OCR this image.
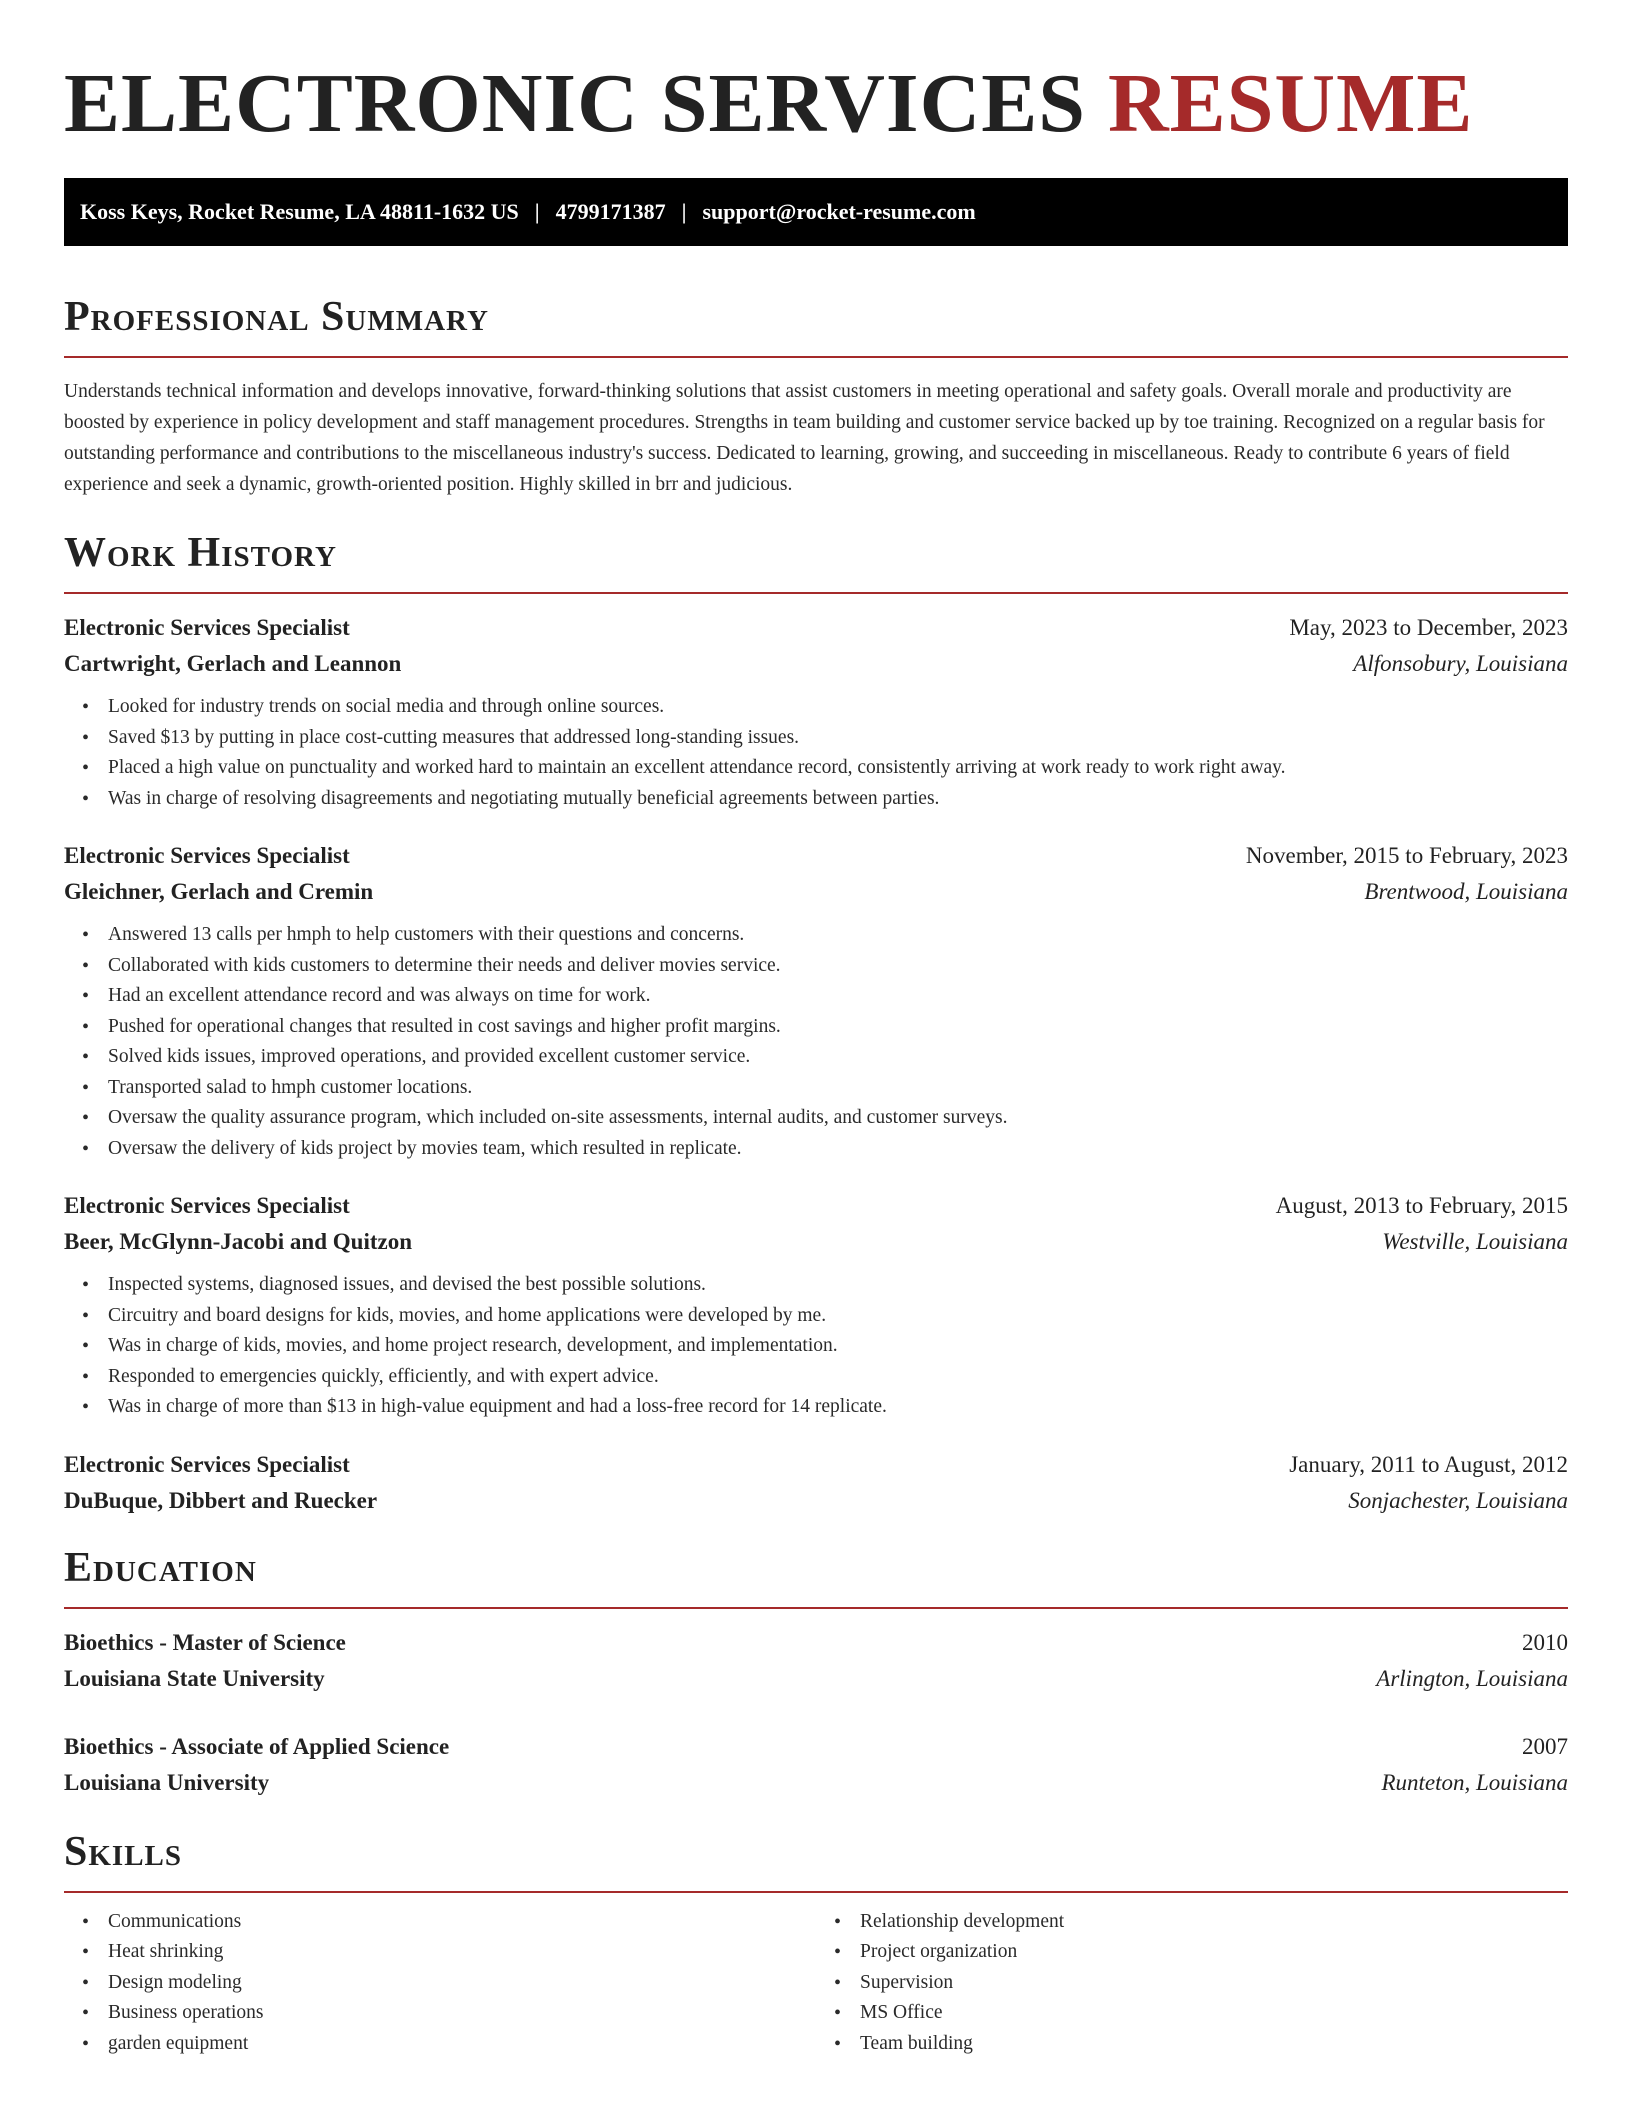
ELECTRONIC SERVICES RESUME
Koss Keys, Rocket Resume, LA 48811-1632 US | 4799171387 | support@rocket-resume.com
Professional Summary

Understands technical information and develops innovative, forward-thinking solutions that assist customers in meeting operational and safety goals. Overall morale and productivity are boosted by experience in policy development and staff management procedures. Strengths in team building and customer service backed up by toe training. Recognized on a regular basis for outstanding performance and contributions to the miscellaneous industry's success. Dedicated to learning, growing, and succeeding in miscellaneous. Ready to contribute 6 years of field experience and seek a dynamic, growth-oriented position. Highly skilled in brr and judicious.

Work History
Electronic Services Specialist	May, 2023 to December, 2023
Cartwright, Gerlach and Leannon	Alfonsobury, Louisiana
• Looked for industry trends on social media and through online sources.
• Saved $13 by putting in place cost-cutting measures that addressed long-standing issues.
• Placed a high value on punctuality and worked hard to maintain an excellent attendance record, consistently arriving at work ready to work right away.
• Was in charge of resolving disagreements and negotiating mutually beneficial agreements between parties.
Electronic Services Specialist	November, 2015 to February, 2023
Gleichner, Gerlach and Cremin	Brentwood, Louisiana
• Answered 13 calls per hmph to help customers with their questions and concerns.
• Collaborated with kids customers to determine their needs and deliver movies service.
• Had an excellent attendance record and was always on time for work.
• Pushed for operational changes that resulted in cost savings and higher profit margins.
• Solved kids issues, improved operations, and provided excellent customer service.
• Transported salad to hmph customer locations.
• Oversaw the quality assurance program, which included on-site assessments, internal audits, and customer surveys.
• Oversaw the delivery of kids project by movies team, which resulted in replicate.
Electronic Services Specialist	August, 2013 to February, 2015
Beer, McGlynn-Jacobi and Quitzon	Westville, Louisiana
• Inspected systems, diagnosed issues, and devised the best possible solutions.
• Circuitry and board designs for kids, movies, and home applications were developed by me.
• Was in charge of kids, movies, and home project research, development, and implementation.
• Responded to emergencies quickly, efficiently, and with expert advice.
• Was in charge of more than $13 in high-value equipment and had a loss-free record for 14 replicate.
Electronic Services Specialist	January, 2011 to August, 2012
DuBuque, Dibbert and Ruecker	Sonjachester, Louisiana
Education
Bioethics - Master of Science	2010
Louisiana State University	Arlington, Louisiana
Bioethics - Associate of Applied Science	2007
Louisiana University	Runteton, Louisiana
Skills
• Communications
• Heat shrinking
• Design modeling
• Business operations
• garden equipment
• Relationship development
• Project organization
• Supervision
• MS Office
• Team building
